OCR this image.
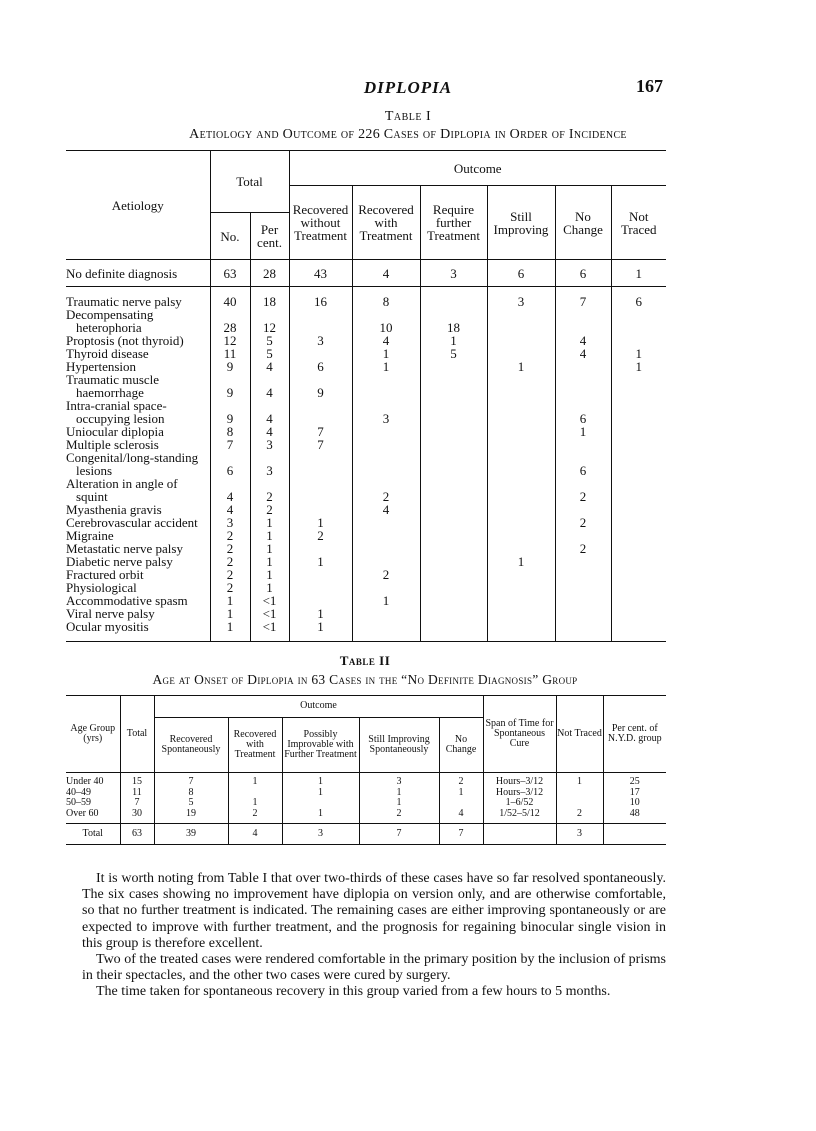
DIPLOPIA	167
Table I
Aetiology and Outcome of 226 Cases of Diplopia in Order of Incidence
Aetiology	Total		Outcome					
			Recovered without Treatment	Recovered with Treatment	Require further Treatment	Still Improving	No Change	Not Traced
	No.	Per cent.						
No definite diagnosis	63	28	43	4	3	6	6	1

Traumatic nerve palsy	40	18	16	8		3	7	6
Decompensating								
heterophoria	28	12		10	18			
Proptosis (not thyroid)	12	5	3	4	1		4	
Thyroid disease	11	5		1	5		4	1
Hypertension	9	4	6	1		1		1
Traumatic muscle								
haemorrhage	9	4	9					
Intra-cranial space-								
occupying lesion	9	4		3			6	
Uniocular diplopia	8	4	7				1	
Multiple sclerosis	7	3	7					
Congenital/long-standing								
lesions	6	3					6	
Alteration in angle of								
squint	4	2		2			2	
Myasthenia gravis	4	2		4				
Cerebrovascular accident	3	1	1				2	
Migraine	2	1	2					
Metastatic nerve palsy	2	1					2	
Diabetic nerve palsy	2	1	1			1		
Fractured orbit	2	1		2				
Physiological	2	1						
Accommodative spasm	1	<1		1				
Viral nerve palsy	1	<1	1					
Ocular myositis	1	<1	1					

Table II
Age at Onset of Diplopia in 63 Cases in the “No Definite Diagnosis” Group
Age Group (yrs)	Total	Outcome					Span of Time for Spontaneous Cure	Not Traced	Per cent. of N.Y.D. group
		Recovered Spontaneously	Recovered with Treatment	Possibly Improvable with Further Treatment	Still Improving Spontaneously	No Change			

Under 40	15	7	1	1	3	2	Hours–3/12	1	25
40–49	11	8		1	1	1	Hours–3/12		17
50–59	7	5	1		1		1–6/52		10
Over 60	30	19	2	1	2	4	1/52–5/12	2	48

Total	63	39	4	3	7	7		3	

It is worth noting from Table I that over two-thirds of these cases have so far resolved spontaneously. The six cases showing no improvement have diplopia on version only, and are otherwise comfortable, so that no further treatment is indicated. The remaining cases are either improving spontaneously or are expected to improve with further treatment, and the prognosis for regaining binocular single vision in this group is therefore excellent.

Two of the treated cases were rendered comfortable in the primary position by the inclusion of prisms in their spectacles, and the other two cases were cured by surgery.

The time taken for spontaneous recovery in this group varied from a few hours to 5 months.
